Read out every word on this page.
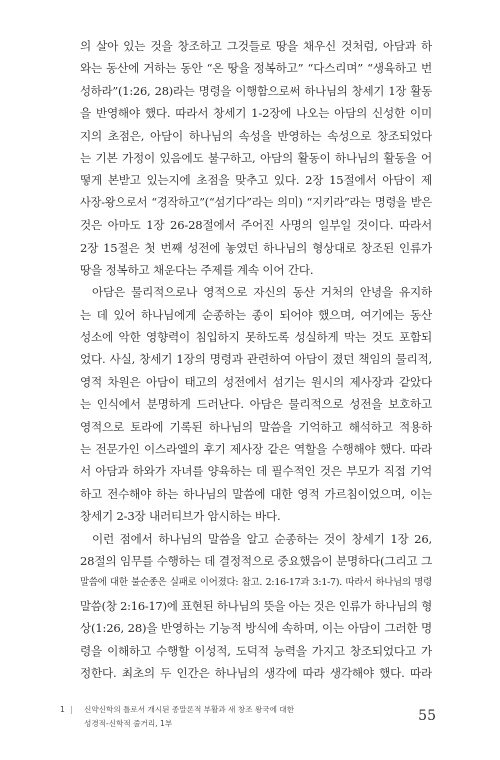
의 살아 있는 것을 창조하고 그것들로 땅을 채우신 것처럼, 아담과 하
와는 동산에 거하는 동안 “온 땅을 정복하고” “다스리며” “생육하고 번
성하라”(1:26, 28)라는 명령을 이행함으로써 하나님의 창세기 1장 활동
을 반영해야 했다. 따라서 창세기 1-2장에 나오는 아담의 신성한 이미
지의 초점은, 아담이 하나님의 속성을 반영하는 속성으로 창조되었다
는 기본 가정이 있음에도 불구하고, 아담의 활동이 하나님의 활동을 어
떻게 본받고 있는지에 초점을 맞추고 있다. 2장 15절에서 아담이 제
사장-왕으로서 “경작하고”(“섬기다”라는 의미) “지키라”라는 명령을 받은
것은 아마도 1장 26-28절에서 주어진 사명의 일부일 것이다. 따라서
2장 15절은 첫 번째 성전에 놓였던 하나님의 형상대로 창조된 인류가
땅을 정복하고 채운다는 주제를 계속 이어 간다.
아담은 물리적으로나 영적으로 자신의 동산 거처의 안녕을 유지하
는 데 있어 하나님에게 순종하는 종이 되어야 했으며, 여기에는 동산
성소에 악한 영향력이 침입하지 못하도록 성실하게 막는 것도 포함되
었다. 사실, 창세기 1장의 명령과 관련하여 아담이 졌던 책임의 물리적,
영적 차원은 아담이 태고의 성전에서 섬기는 원시의 제사장과 같았다
는 인식에서 분명하게 드러난다. 아담은 물리적으로 성전을 보호하고
영적으로 토라에 기록된 하나님의 말씀을 기억하고 해석하고 적용하
는 전문가인 이스라엘의 후기 제사장 같은 역할을 수행해야 했다. 따라
서 아담과 하와가 자녀를 양육하는 데 필수적인 것은 부모가 직접 기억
하고 전수해야 하는 하나님의 말씀에 대한 영적 가르침이었으며, 이는
창세기 2-3장 내러티브가 암시하는 바다.
이런 점에서 하나님의 말씀을 알고 순종하는 것이 창세기 1장 26,
28절의 임무를 수행하는 데 결정적으로 중요했음이 분명하다(그리고 그
말씀에 대한 불순종은 실패로 이어졌다: 참고. 2:16-17과 3:1-7). 따라서 하나님의 명령
말씀(창 2:16-17)에 표현된 하나님의 뜻을 아는 것은 인류가 하나님의 형
상(1:26, 28)을 반영하는 기능적 방식에 속하며, 이는 아담이 그러한 명
령을 이해하고 수행할 이성적, 도덕적 능력을 가지고 창조되었다고 가
정한다. 최초의 두 인간은 하나님의 생각에 따라 생각해야 했다. 따라
1 | 신약신학의 틀로서 개시된 종말론적 부활과 새 창조 왕국에 대한
성경적-신학적 줄거리, 1부	55
